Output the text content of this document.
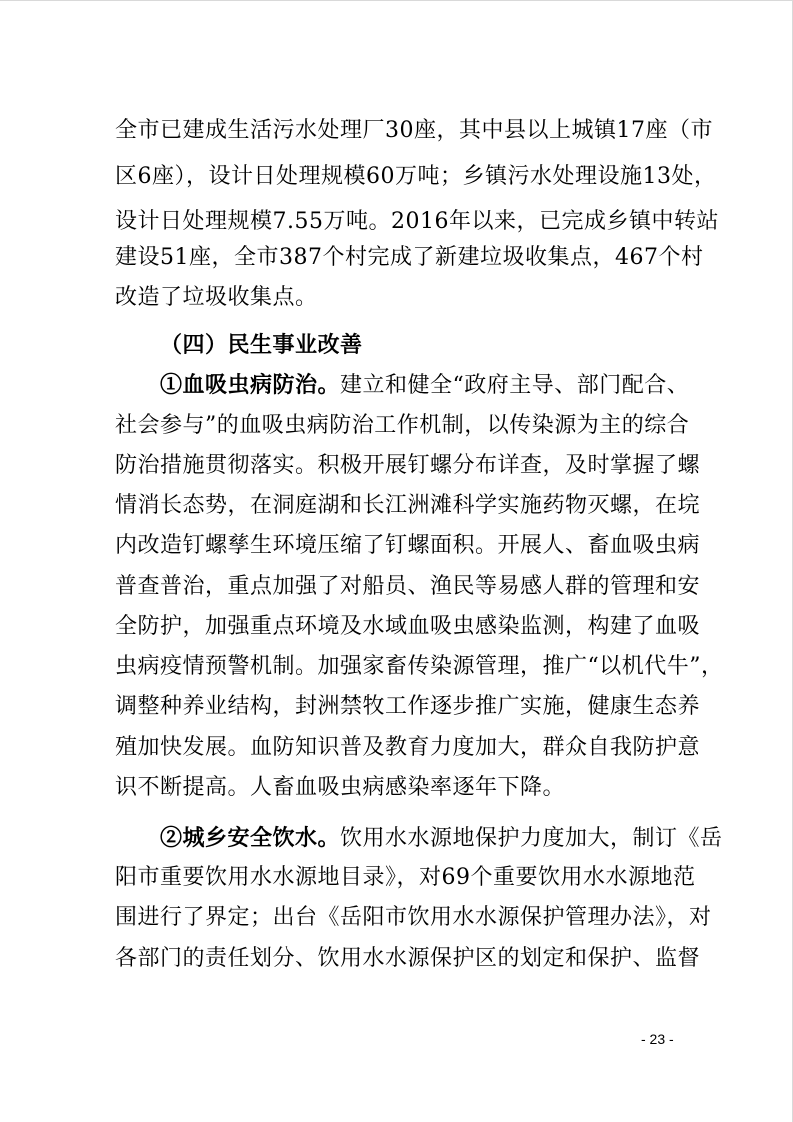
全市已建成生活污水处理厂30座，其中县以上城镇17座（市
区6座），设计日处理规模60万吨；乡镇污水处理设施13处，
设计日处理规模7.55万吨。2016年以来，已完成乡镇中转站
建设51座，全市387个村完成了新建垃圾收集点，467个村
改造了垃圾收集点。
（四）民生事业改善
①血吸虫病防治。建立和健全“政府主导、部门配合、
社会参与”的血吸虫病防治工作机制，以传染源为主的综合
防治措施贯彻落实。积极开展钉螺分布详查，及时掌握了螺
情消长态势，在洞庭湖和长江洲滩科学实施药物灭螺，在垸
内改造钉螺孳生环境压缩了钉螺面积。开展人、畜血吸虫病
普查普治，重点加强了对船员、渔民等易感人群的管理和安
全防护，加强重点环境及水域血吸虫感染监测，构建了血吸
虫病疫情预警机制。加强家畜传染源管理，推广“以机代牛”，
调整种养业结构，封洲禁牧工作逐步推广实施，健康生态养
殖加快发展。血防知识普及教育力度加大，群众自我防护意
识不断提高。人畜血吸虫病感染率逐年下降。
②城乡安全饮水。饮用水水源地保护力度加大，制订《岳
阳市重要饮用水水源地目录》，对69个重要饮用水水源地范
围进行了界定；出台《岳阳市饮用水水源保护管理办法》，对
各部门的责任划分、饮用水水源保护区的划定和保护、监督
- 23 -
